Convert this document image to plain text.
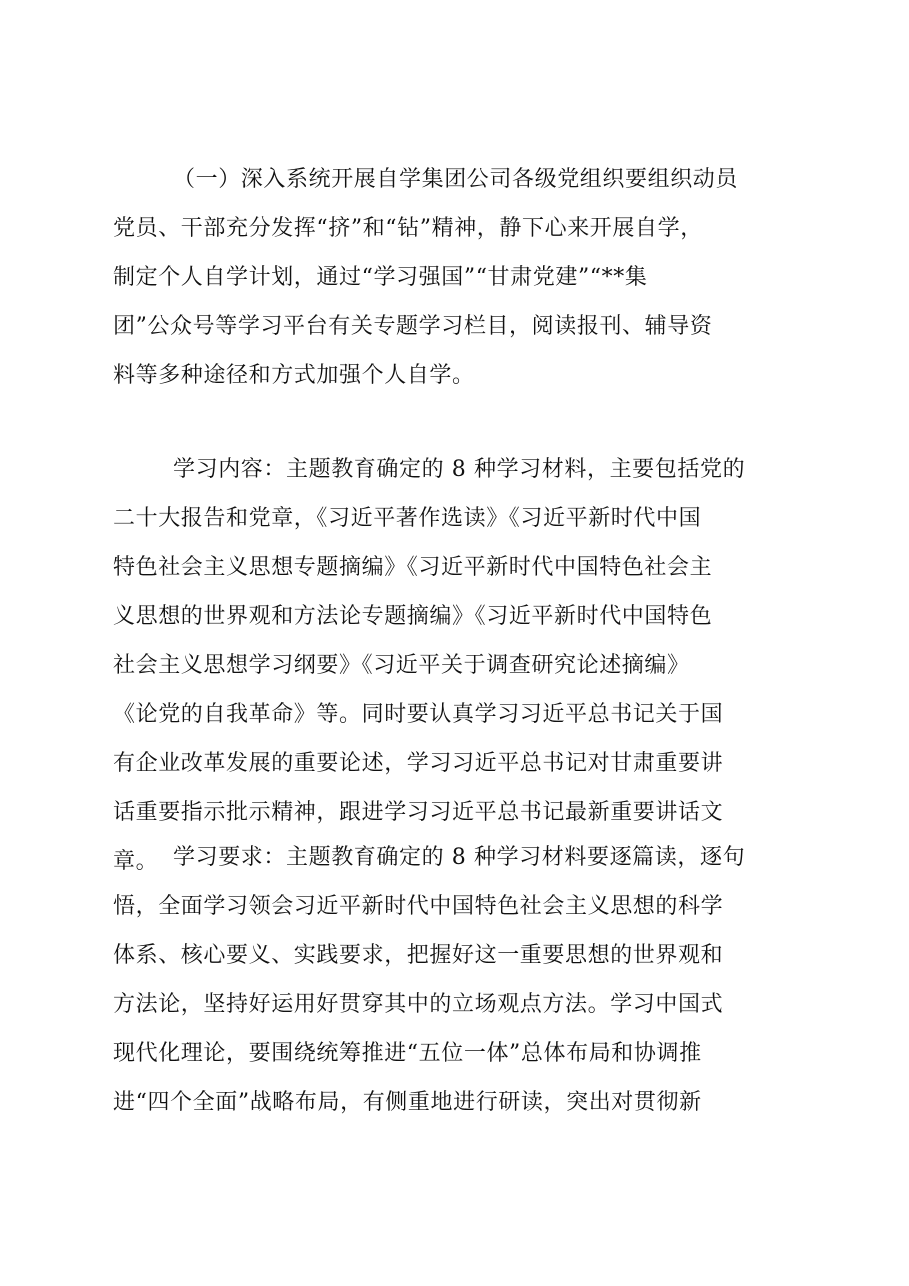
（一）深入系统开展自学集团公司各级党组织要组织动员
党员、干部充分发挥“挤”和“钻”精神，静下心来开展自学，
制定个人自学计划，通过“学习强国”“甘肃党建”“**集
团”公众号等学习平台有关专题学习栏目，阅读报刊、辅导资
料等多种途径和方式加强个人自学。
学习内容：主题教育确定的 8 种学习材料，主要包括党的
二十大报告和党章，《习近平著作选读》《习近平新时代中国
特色社会主义思想专题摘编》《习近平新时代中国特色社会主
义思想的世界观和方法论专题摘编》《习近平新时代中国特色
社会主义思想学习纲要》《习近平关于调查研究论述摘编》
《论党的自我革命》等。同时要认真学习习近平总书记关于国
有企业改革发展的重要论述，学习习近平总书记对甘肃重要讲
话重要指示批示精神，跟进学习习近平总书记最新重要讲话文
章。 学习要求：主题教育确定的 8 种学习材料要逐篇读，逐句
悟，全面学习领会习近平新时代中国特色社会主义思想的科学
体系、核心要义、实践要求，把握好这一重要思想的世界观和
方法论，坚持好运用好贯穿其中的立场观点方法。学习中国式
现代化理论，要围绕统筹推进“五位一体”总体布局和协调推
进“四个全面”战略布局，有侧重地进行研读，突出对贯彻新
